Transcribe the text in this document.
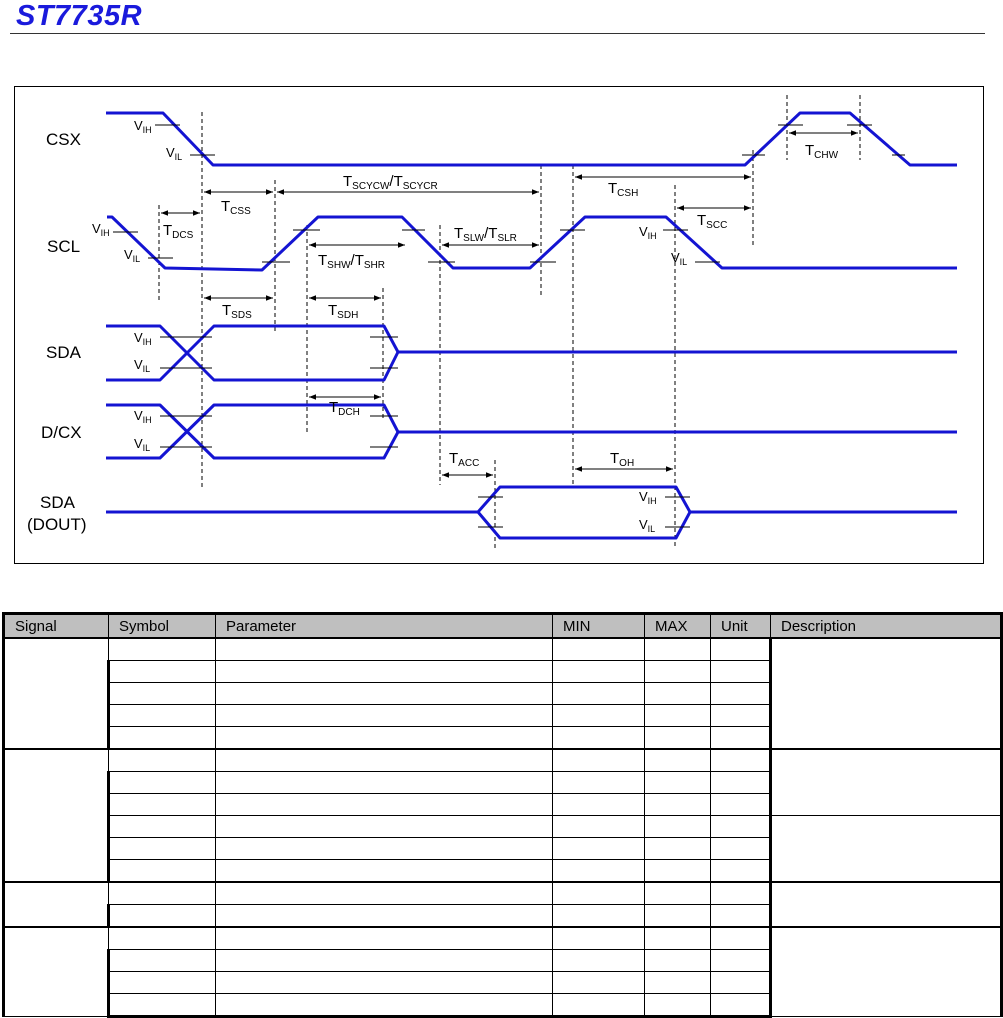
ST7735R
CSX
SCL
SDA
D/CX
SDA
(DOUT)
VIH
VIL
VIH
VIL
VIH
VIL
VIH
VIL
VIH
VIL
VIH
VIL
TCSS
TDCS
TSCYCW/TSCYCR	TCSH
TSCC
TCHW
TSHW/TSHR
TSLW/TSLR
TSDS	TSDH
TDCH
TACC	TOH
Signal	Symbol	Parameter	MIN	MAX	Unit	Description
